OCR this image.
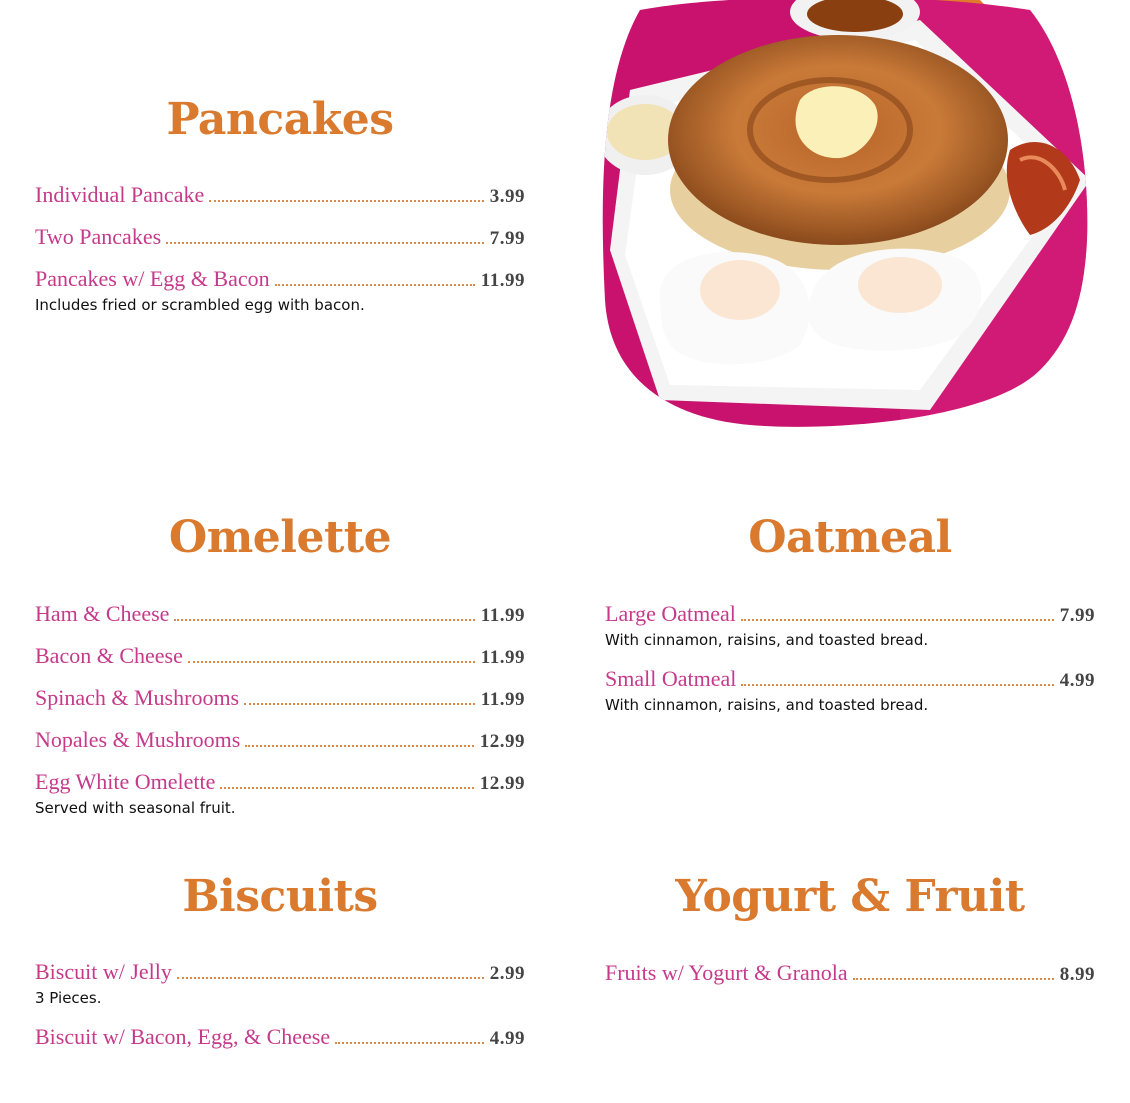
Pancakes
Individual Pancake	3.99
Two Pancakes	7.99
Pancakes w/ Egg & Bacon	11.99
Includes fried or scrambled egg with bacon.
Omelette
Ham & Cheese	11.99
Bacon & Cheese	11.99
Spinach & Mushrooms	11.99
Nopales & Mushrooms	12.99
Egg White Omelette	12.99
Served with seasonal fruit.
Oatmeal
Large Oatmeal	7.99
With cinnamon, raisins, and toasted bread.
Small Oatmeal	4.99
With cinnamon, raisins, and toasted bread.
Biscuits
Biscuit w/ Jelly	2.99
3 Pieces.
Biscuit w/ Bacon, Egg, & Cheese	4.99
Yogurt & Fruit
Fruits w/ Yogurt & Granola	8.99
